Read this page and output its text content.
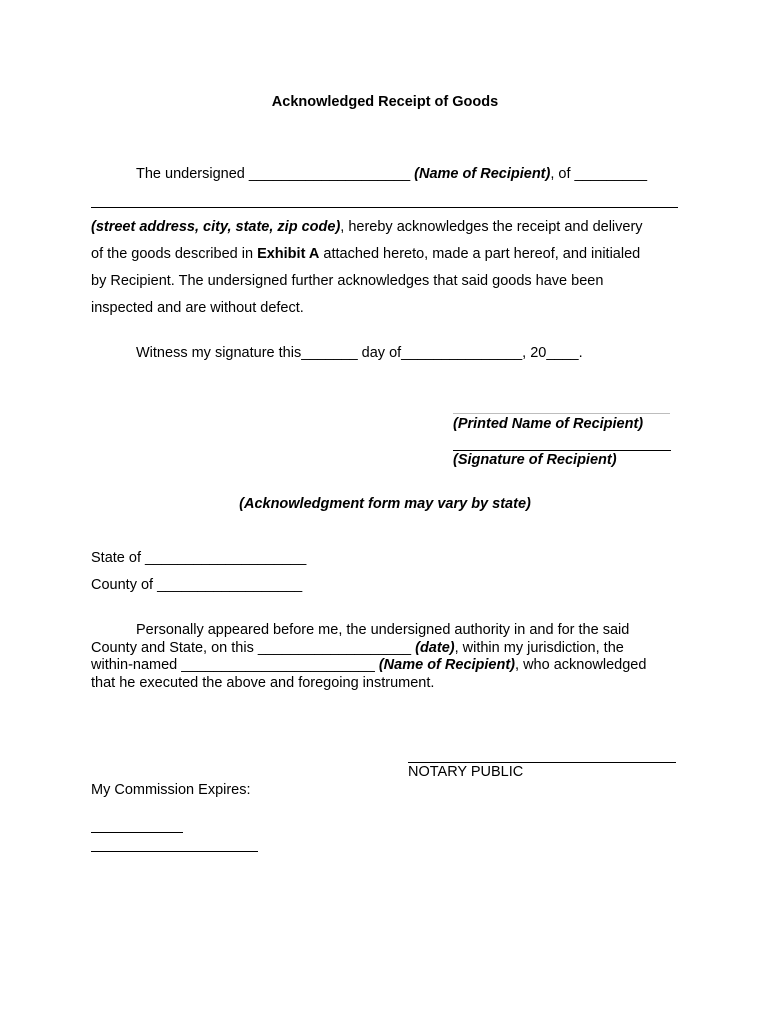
Acknowledged Receipt of Goods
The undersigned ____________________ (Name of Recipient), of _________
(street address, city, state, zip code), hereby acknowledges the receipt and delivery
of the goods described in Exhibit A attached hereto, made a part hereof, and initialed
by Recipient. The undersigned further acknowledges that said goods have been
inspected and are without defect.
Witness my signature this_______ day of_______________, 20____.
(Printed Name of Recipient)
(Signature of Recipient)
(Acknowledgment form may vary by state)
State of ____________________
County of __________________
Personally appeared before me, the undersigned authority in and for the said
County and State, on this ___________________ (date), within my jurisdiction, the
within-named ________________________ (Name of Recipient), who acknowledged
that he executed the above and foregoing instrument.
NOTARY PUBLIC
My Commission Expires:
